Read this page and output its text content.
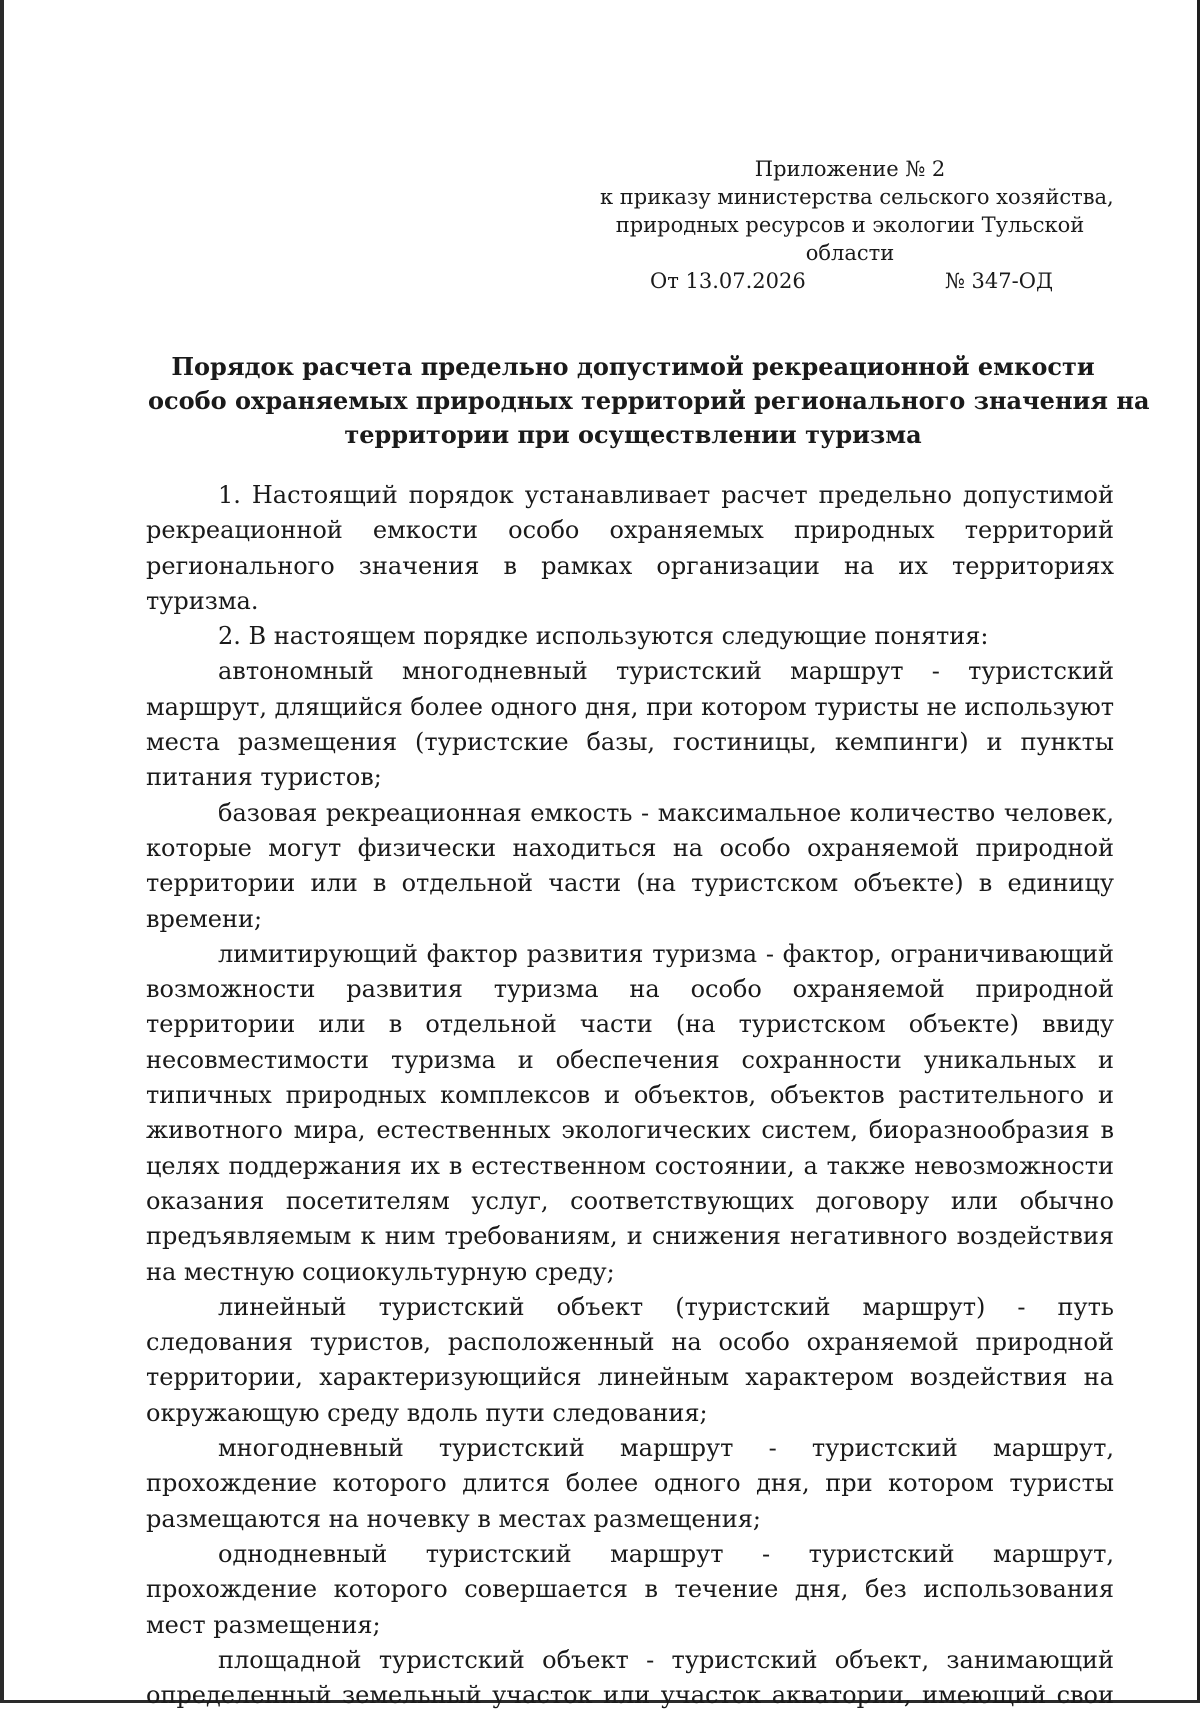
Приложение № 2
к приказу министерства сельского хозяйства,
природных ресурсов и экологии Тульской
области
От 13.07.2026	№ 347-ОД
Порядок расчета предельно допустимой рекреационной емкости
особо охраняемых природных территорий регионального значения на
территории при осуществлении туризма

1. Настоящий порядок устанавливает расчет предельно допустимой рекреационной емкости особо охраняемых природных территорий регионального значения в рамках организации на их территориях туризма.

2. В настоящем порядке используются следующие понятия:

автономный многодневный туристский маршрут - туристский маршрут, длящийся более одного дня, при котором туристы не используют места размещения (туристские базы, гостиницы, кемпинги) и пункты питания туристов;

базовая рекреационная емкость - максимальное количество человек, которые могут физически находиться на особо охраняемой природной территории или в отдельной части (на туристском объекте) в единицу времени;

лимитирующий фактор развития туризма - фактор, ограничивающий возможности развития туризма на особо охраняемой природной территории или в отдельной части (на туристском объекте) ввиду несовместимости туризма и обеспечения сохранности уникальных и типичных природных комплексов и объектов, объектов растительного и животного мира, естественных экологических систем, биоразнообразия в целях поддержания их в естественном состоянии, а также невозможности оказания посетителям услуг, соответствующих договору или обычно предъявляемым к ним требованиям, и снижения негативного воздействия на местную социокультурную среду;

линейный туристский объект (туристский маршрут) - путь следования туристов, расположенный на особо охраняемой природной территории, характеризующийся линейным характером воздействия на окружающую среду вдоль пути следования;

многодневный туристский маршрут - туристский маршрут, прохождение которого длится более одного дня, при котором туристы размещаются на ночевку в местах размещения;

однодневный туристский маршрут - туристский маршрут, прохождение которого совершается в течение дня, без использования мест размещения;

площадной туристский объект - туристский объект, занимающий определенный земельный участок или участок акватории, имеющий свои
